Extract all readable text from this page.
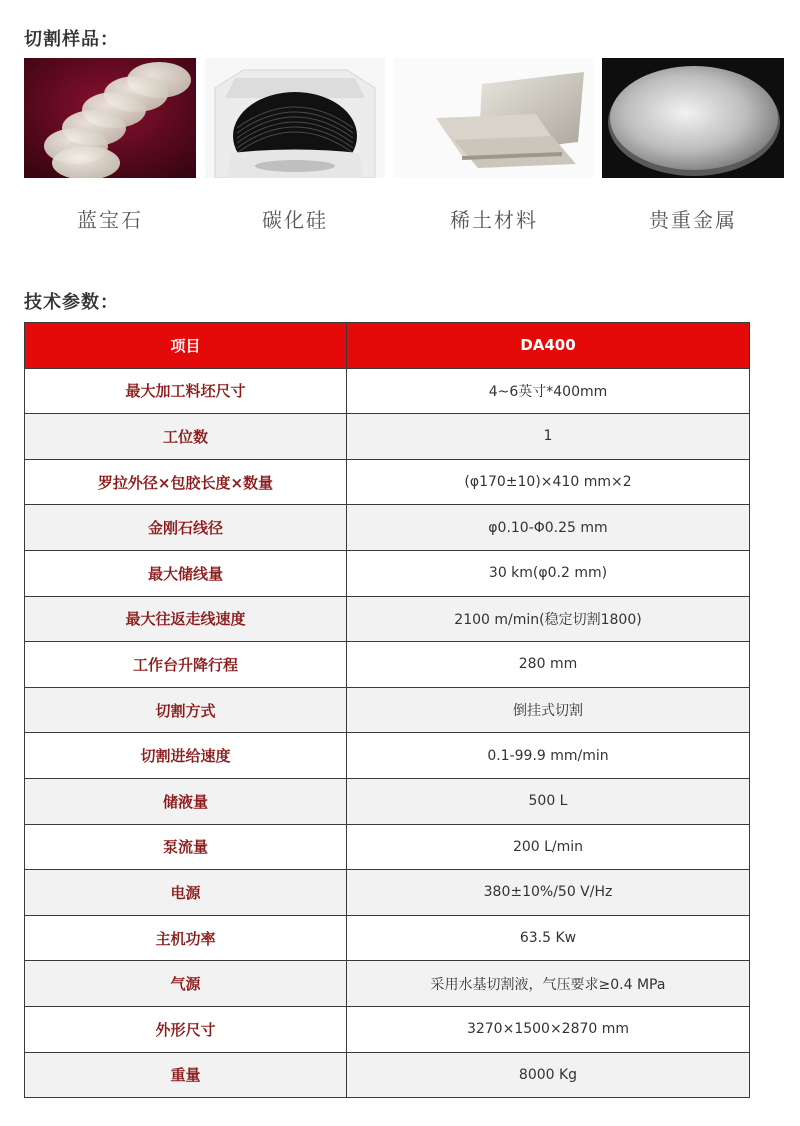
切割样品：
蓝宝石	碳化硅	稀土材料	贵重金属
技术参数：
项目	DA400
最大加工料坯尺寸	4~6英寸*400mm
工位数	1
罗拉外径×包胶长度×数量	(φ170±10)×410 mm×2
金刚石线径	φ0.10-Φ0.25 mm
最大储线量	30 km(φ0.2 mm)
最大往返走线速度	2100 m/min(稳定切割1800)
工作台升降行程	280 mm
切割方式	倒挂式切割
切割进给速度	0.1-99.9 mm/min
储液量	500 L
泵流量	200 L/min
电源	380±10%/50 V/Hz
主机功率	63.5 Kw
气源	采用水基切割液，气压要求≥0.4 MPa
外形尺寸	3270×1500×2870 mm
重量	8000 Kg
